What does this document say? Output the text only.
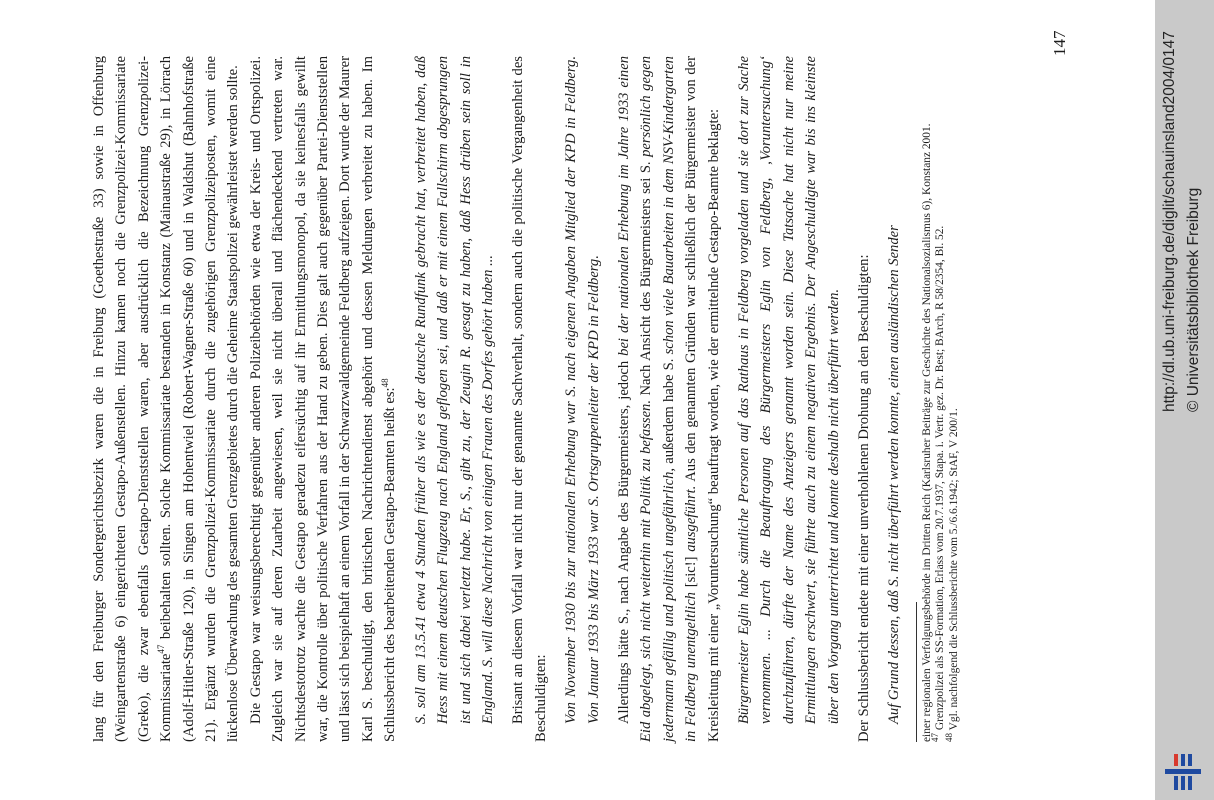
lang für den Freiburger Sondergerichtsbezirk waren die in Freiburg (Goethestraße 33) sowie in Offenburg (Weingartenstraße 6) eingerichteten Gestapo-Außenstellen. Hinzu kamen noch die Grenzpolizei-Kommissariate (Greko), die zwar ebenfalls Gestapo-Dienststellen waren, aber ausdrücklich die Bezeichnung Grenzpolizei-Kommissariate$^{47}$ beibehalten sollten. Solche Kommissariate bestanden in Konstanz (Mainaustraße 29), in Lörrach (Adolf-Hitler-Straße 120), in Singen am Hohentwiel (Robert-Wagner-Straße 60) und in Waldshut (Bahnhofstraße 21). Ergänzt wurden die Grenzpolizei-Kommissariate durch die zugehörigen Grenzpolizeiposten, womit eine lückenlose Überwachung des gesamten Grenzgebietes durch die Geheime Staatspolizei gewährleistet werden sollte. Die Gestapo war weisungsberechtigt gegenüber anderen Polizeibehörden wie etwa der Kreis- und Ortspolizei. Zugleich war sie auf deren Zuarbeit angewiesen, weil sie nicht überall und flächendeckend vertreten war. Nichtsdestotrotz wachte die Gestapo geradezu eifersüchtig auf ihr Ermittlungsmonopol, da sie keinesfalls gewillt war, die Kontrolle über politische Verfahren aus der Hand zu geben. Dies galt auch gegenüber Partei-Dienststellen und lässt sich beispielhaft an einem Vorfall in der Schwarzwaldgemeinde Feldberg aufzeigen. Dort wurde der Maurer Karl S. beschuldigt, den britischen Nachrichtendienst abgehört und dessen Meldungen verbreitet zu haben. Im Schlussbericht des bearbeitenden Gestapo-Beamten heißt es:$^{48}$	S. soll am 13.5.41 etwa 4 Stunden früher als wie es der deutsche Rundfunk gebracht hat, verbreitet haben, daß Hess mit einem deutschen Flugzeug nach England geflogen sei, und daß er mit einem Fallschirm abgesprungen ist und sich dabei verletzt habe. Er, S., gibt zu, der Zeugin R. gesagt zu haben, daß Hess drüben sein soll in England. S. will diese Nachricht von einigen Frauen des Dorfes gehört haben ... Brisant an diesem Vorfall war nicht nur der genannte Sachverhalt, sondern auch die politische Vergangenheit des Beschuldigten: Von November 1930 bis zur nationalen Erhebung war S. nach eigenen Angaben Mitglied der KPD in Feldberg. Von Januar 1933 bis März 1933 war S. Ortsgruppenleiter der KPD in Feldberg. Allerdings hätte S., nach Angabe des Bürgermeisters, jedoch bei der nationalen Erhebung im Jahre 1933 einen Eid abgelegt, sich nicht weiterhin mit Politik zu befassen. Nach Ansicht des Bürgermeisters sei S. persönlich gegen jedermann gefällig und politisch ungefährlich, außerdem habe S. schon viele Bauarbeiten in dem NSV-Kindergarten in Feldberg unentgeltlich [sic!] ausgeführt. Aus den genannten Gründen war schließlich der Bürgermeister von der Kreisleitung mit einer „Voruntersuchung“ beauftragt worden, wie der ermittelnde Gestapo-Beamte beklagte: Bürgermeister Eglin habe sämtliche Personen auf das Rathaus in Feldberg vorgeladen und sie dort zur Sache vernommen. ... Durch die Beauftragung des Bürgermeisters Eglin von Feldberg, ‚Voruntersuchung‘ durchzuführen, dürfte der Name des Anzeigers genannt worden sein. Diese Tatsache hat nicht nur meine Ermittlungen erschwert, sie führte auch zu einem negativen Ergebnis. Der Angeschuldigte war bis ins kleinste über den Vorgang unterrichtet und konnte deshalb nicht überführt werden. Der Schlussbericht endete mit einer unverhohlenen Drohung an den Beschuldigten: Auf Grund dessen, daß S. nicht überführt werden konnte, einen ausländischen Sender einer regionalen Verfolgungsbehörde im Dritten Reich (Karlsruher Beiträge zur Geschichte des Nationalsozialismus 6), Konstanz 2001.

$^{47}$ Grenzpolizei als SS-Formation, Erlass vom 20.7.1937, Stapa. i. Vertr. gez. Dr. Best; BArch, R 58/2354, Bl. 52.

$^{48}$ Vgl. nachfolgend die Schlussberichte vom 5./6.6.1942; StAF, V 200/1.

147	http://dl.ub.uni-freiburg.de/diglit/schauinsland2004/0147 © Universitätsbibliothek Freiburg
